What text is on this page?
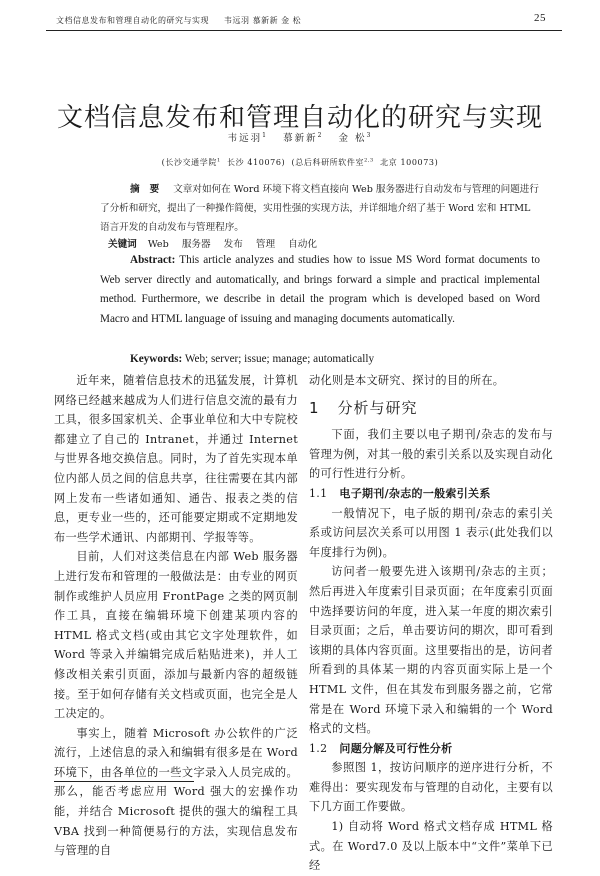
文档信息发布和管理自动化的研究与实现 韦远羽 慕新新 金 松	25
文档信息发布和管理自动化的研究与实现
韦远羽$^1$ 慕新新$^2$ 金 松$^3$
(长沙交通学院$^1$ 长沙 410076) (总后科研所软件室$^{2,3}$ 北京 100073)
摘要 文章对如何在 Word 环境下将文档直接向 Web 服务器进行自动发布与管理的问题进行了分析和研究，提出了一种操作简便，实用性强的实现方法，并详细地介绍了基于 Word 宏和 HTML 语言开发的自动发布与管理程序。
关键词 Web 服务器 发布 管理 自动化
Abstract: This article analyzes and studies how to issue MS Word format documents to Web server directly and automatically, and brings forward a simple and practical implemental method. Furthermore, we describe in detail the program which is developed based on Word Macro and HTML language of issuing and managing documents automatically.
Keywords: Web; server; issue; manage; automatically

近年来，随着信息技术的迅猛发展，计算机网络已经越来越成为人们进行信息交流的最有力工具，很多国家机关、企事业单位和大中专院校都建立了自己的 Intranet，并通过 Internet 与世界各地交换信息。同时，为了首先实现本单位内部人员之间的信息共享，往往需要在其内部网上发布一些诸如通知、通告、报表之类的信息，更专业一些的，还可能要定期或不定期地发布一些学术通讯、内部期刊、学报等等。

目前，人们对这类信息在内部 Web 服务器上进行发布和管理的一般做法是：由专业的网页制作或维护人员应用 FrontPage 之类的网页制作工具，直接在编辑环境下创建某项内容的 HTML 格式文档(或由其它文字处理软件，如 Word 等录入并编辑完成后粘贴进来)，并人工修改相关索引页面，添加与最新内容的超级链接。至于如何存储有关文档或页面，也完全是人工决定的。

事实上，随着 Microsoft 办公软件的广泛流行，上述信息的录入和编辑有很多是在 Word 环境下，由各单位的一些文字录入人员完成的。那么，能否考虑应用 Word 强大的宏操作功能，并结合 Microsoft 提供的强大的编程工具 VBA 找到一种简便易行的方法，实现信息发布与管理的自

动化则是本文研究、探讨的目的所在。

1 分析与研究

下面，我们主要以电子期刊/杂志的发布与管理为例，对其一般的索引关系以及实现自动化的可行性进行分析。

1.1 电子期刊/杂志的一般索引关系

一般情况下，电子版的期刊/杂志的索引关系或访问层次关系可以用图 1 表示(此处我们以年度排行为例)。

访问者一般要先进入该期刊/杂志的主页；然后再进入年度索引目录页面；在年度索引页面中选择要访问的年度，进入某一年度的期次索引目录页面；之后，单击要访问的期次，即可看到该期的具体内容页面。这里要指出的是，访问者所看到的具体某一期的内容页面实际上是一个 HTML 文件，但在其发布到服务器之前，它常常是在 Word 环境下录入和编辑的一个 Word 格式的文档。

1.2 问题分解及可行性分析

参照图 1，按访问顺序的逆序进行分析，不难得出：要实现发布与管理的自动化，主要有以下几方面工作要做。

1) 自动将 Word 格式文档存成 HTML 格式。在 Word7.0 及以上版本中“文件”菜单下已经
